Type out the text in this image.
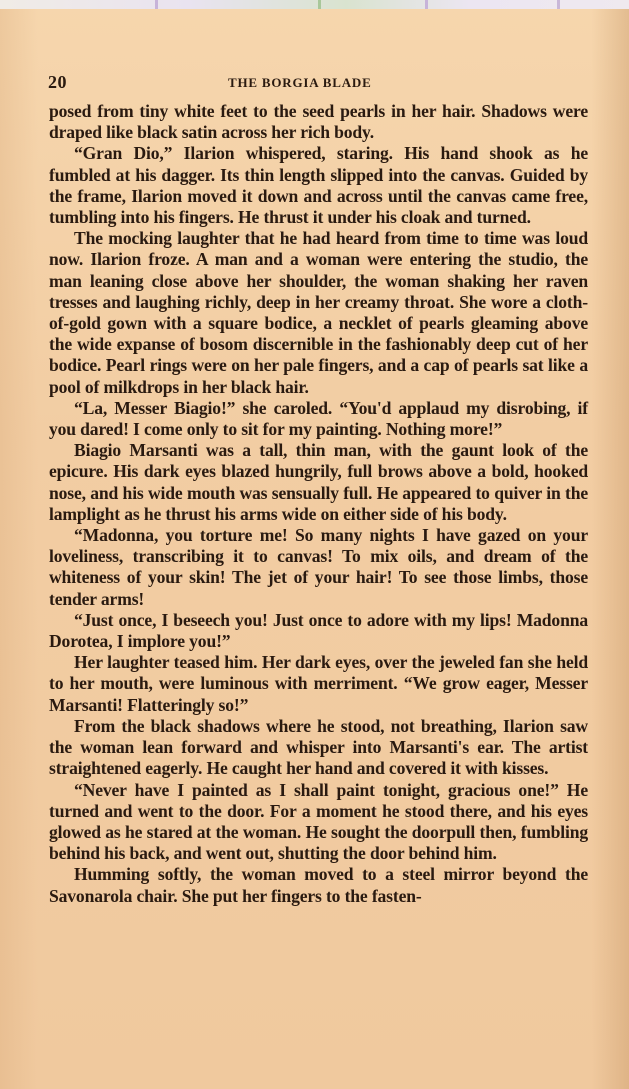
20	THE BORGIA BLADE

posed from tiny white feet to the seed pearls in her hair. Shadows were draped like black satin across her rich body.

“Gran Dio,” Ilarion whispered, staring. His hand shook as he fumbled at his dagger. Its thin length slipped into the canvas. Guided by the frame, Ilarion moved it down and across until the canvas came free, tumbling into his fingers. He thrust it under his cloak and turned.

The mocking laughter that he had heard from time to time was loud now. Ilarion froze. A man and a woman were entering the studio, the man leaning close above her shoulder, the woman shaking her raven tresses and laughing richly, deep in her creamy throat. She wore a cloth-of-gold gown with a square bodice, a necklet of pearls gleaming above the wide expanse of bosom discernible in the fashionably deep cut of her bodice. Pearl rings were on her pale fingers, and a cap of pearls sat like a pool of milkdrops in her black hair.

“La, Messer Biagio!” she caroled. “You'd applaud my disrobing, if you dared! I come only to sit for my painting. Nothing more!”

Biagio Marsanti was a tall, thin man, with the gaunt look of the epicure. His dark eyes blazed hungrily, full brows above a bold, hooked nose, and his wide mouth was sensually full. He appeared to quiver in the lamplight as he thrust his arms wide on either side of his body.

“Madonna, you torture me! So many nights I have gazed on your loveliness, transcribing it to canvas! To mix oils, and dream of the whiteness of your skin! The jet of your hair! To see those limbs, those tender arms!

“Just once, I beseech you! Just once to adore with my lips! Madonna Dorotea, I implore you!”

Her laughter teased him. Her dark eyes, over the jeweled fan she held to her mouth, were luminous with merriment. “We grow eager, Messer Marsanti! Flatteringly so!”

From the black shadows where he stood, not breathing, Ilarion saw the woman lean forward and whisper into Marsanti's ear. The artist straightened eagerly. He caught her hand and covered it with kisses.

“Never have I painted as I shall paint tonight, gracious one!” He turned and went to the door. For a moment he stood there, and his eyes glowed as he stared at the woman. He sought the doorpull then, fumbling behind his back, and went out, shutting the door behind him.

Humming softly, the woman moved to a steel mirror beyond the Savonarola chair. She put her fingers to the fasten-
